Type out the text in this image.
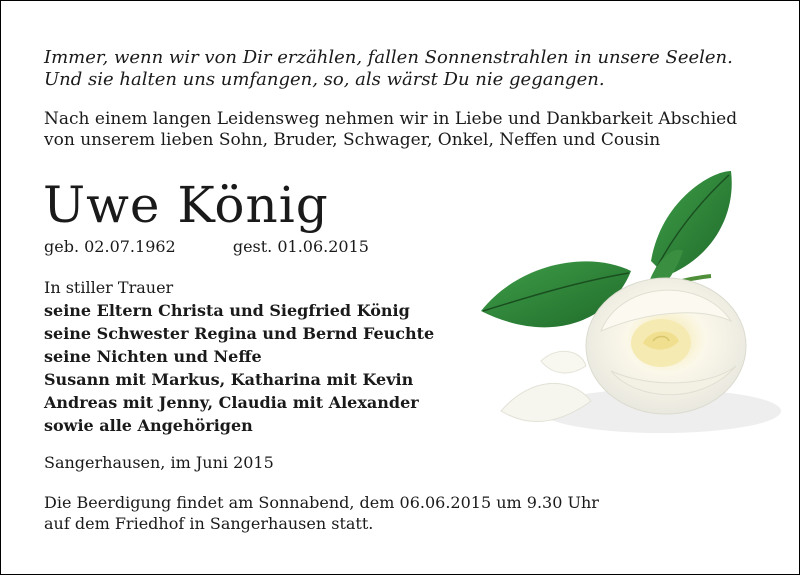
Immer, wenn wir von Dir erzählen, fallen Sonnenstrahlen in unsere Seelen.
Und sie halten uns umfangen, so, als wärst Du nie gegangen.
Nach einem langen Leidensweg nehmen wir in Liebe und Dankbarkeit Abschied
von unserem lieben Sohn, Bruder, Schwager, Onkel, Neffen und Cousin
Uwe König
geb. 02.07.1962	gest. 01.06.2015
In stiller Trauer
seine Eltern Christa und Siegfried König
seine Schwester Regina und Bernd Feuchte
seine Nichten und Neffe
Susann mit Markus, Katharina mit Kevin
Andreas mit Jenny, Claudia mit Alexander
sowie alle Angehörigen
Sangerhausen, im Juni 2015
Die Beerdigung findet am Sonnabend, dem 06.06.2015 um 9.30 Uhr
auf dem Friedhof in Sangerhausen statt.
